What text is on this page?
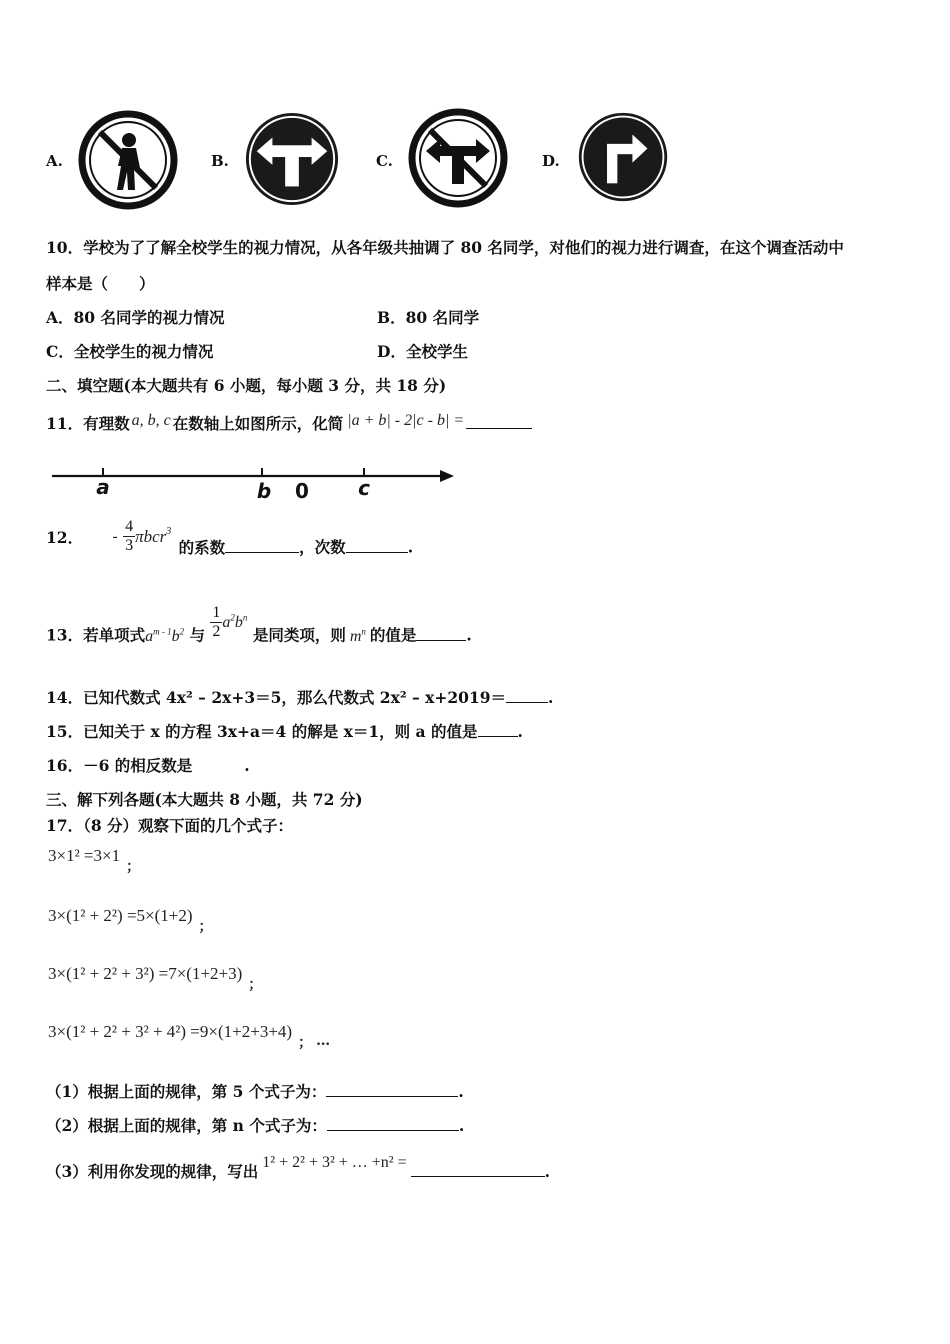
A.	B.	C.	D.
10．学校为了了解全校学生的视力情况，从各年级共抽调了 80 名同学，对他们的视力进行调查，在这个调查活动中
样本是（　　）
A．80 名同学的视力情况	B．80 名同学
C．全校学生的视力情况	D．全校学生
二、填空题(本大题共有 6 小题，每小题 3 分，共 18 分)
11．有理数 a, b, c 在数轴上如图所示，化简 |a + b| - 2|c - b| =
a	b 0 c
12． - $\frac{4}{3} \pi bcr^3$ 的系数	，次数	.
13．若单项式$a^{m - 1}b^2$ 与 $\frac{1}{2} a^2b^n$ 是同类项，则 $m^n$ 的值是	.
14．已知代数式 4x² – 2x+3＝5，那么代数式 2x² – x+2019＝	.
15．已知关于 x 的方程 3x+a＝4 的解是 x＝1，则 a 的值是	.
16．－6 的相反数是	.
三、解下列各题(本大题共 8 小题，共 72 分)
17．（8 分）观察下面的几个式子：
$3\times 1^2 =3\times 1_;$
$3\times(1^2 + 2^2) =5\times(1+2)_;$
$3\times(1^2 + 2^2 + 3^2) =7\times(1+2+3)_;$
$3\times(1^2 + 2^2 + 3^2 + 4^2) =9\times(1+2+3+4)_;$ $_\dots$
（1）根据上面的规律，第 5 个式子为：	.
（2）根据上面的规律，第 n 个式子为：	.
（3）利用你发现的规律，写出 1² + 2² + 3² + … +n² =	.
